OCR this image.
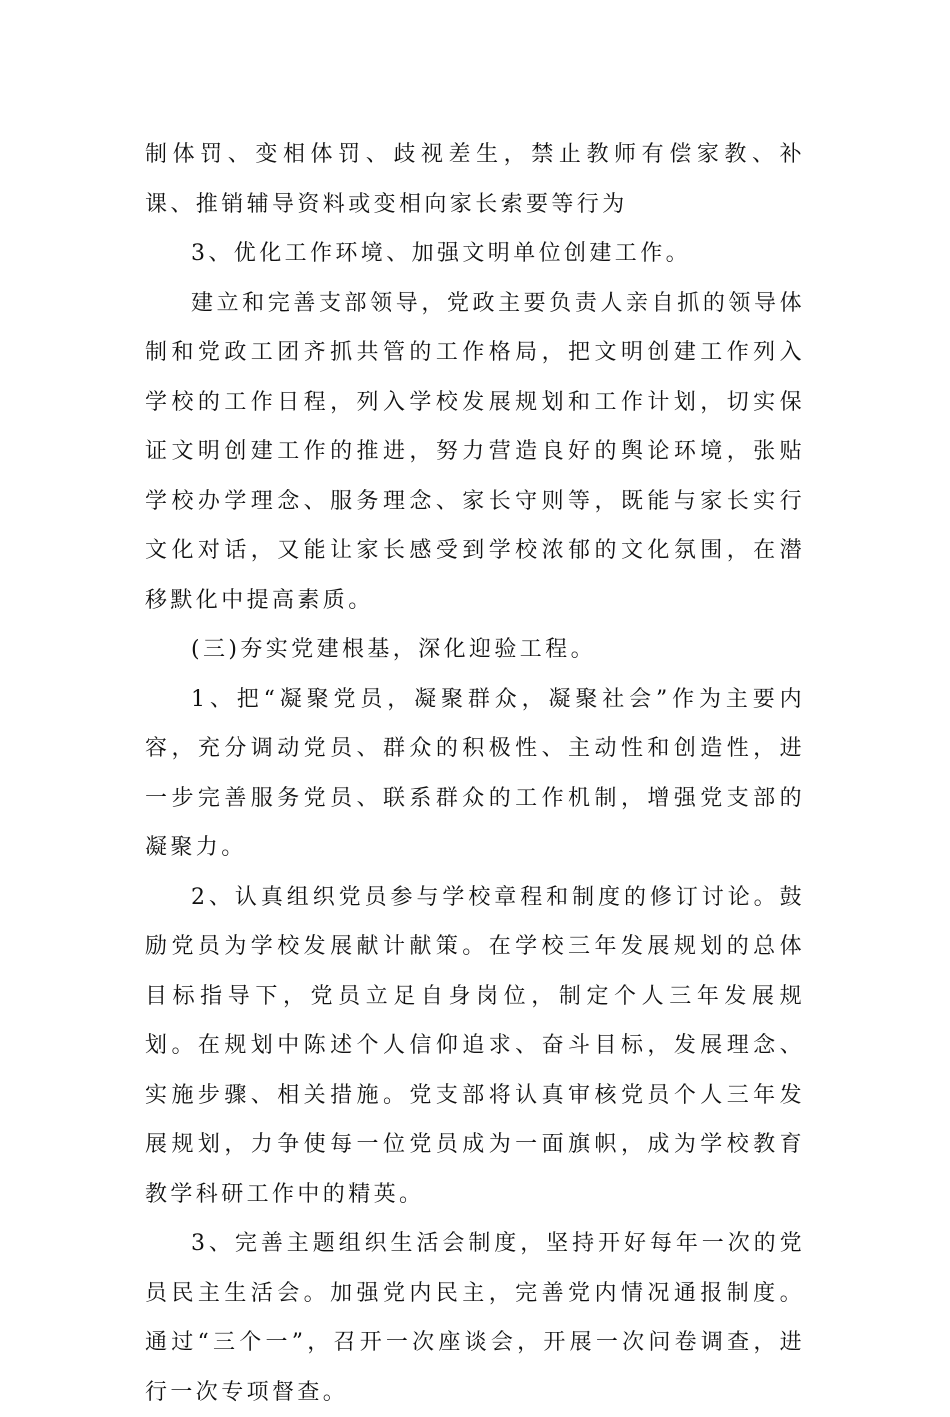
制体罚、变相体罚、歧视差生，禁止教师有偿家教、补课、推销辅导资料或变相向家长索要等行为

3、优化工作环境、加强文明单位创建工作。

建立和完善支部领导，党政主要负责人亲自抓的领导体制和党政工团齐抓共管的工作格局，把文明创建工作列入学校的工作日程，列入学校发展规划和工作计划，切实保证文明创建工作的推进，努力营造良好的舆论环境，张贴学校办学理念、服务理念、家长守则等，既能与家长实行文化对话，又能让家长感受到学校浓郁的文化氛围，在潜移默化中提高素质。

(三)夯实党建根基，深化迎验工程。

1、把“凝聚党员，凝聚群众，凝聚社会”作为主要内容，充分调动党员、群众的积极性、主动性和创造性，进一步完善服务党员、联系群众的工作机制，增强党支部的凝聚力。

2、认真组织党员参与学校章程和制度的修订讨论。鼓励党员为学校发展献计献策。在学校三年发展规划的总体目标指导下，党员立足自身岗位，制定个人三年发展规划。在规划中陈述个人信仰追求、奋斗目标，发展理念、实施步骤、相关措施。党支部将认真审核党员个人三年发展规划，力争使每一位党员成为一面旗帜，成为学校教育教学科研工作中的精英。

3、完善主题组织生活会制度，坚持开好每年一次的党员民主生活会。加强党内民主，完善党内情况通报制度。通过“三个一”，召开一次座谈会，开展一次问卷调查，进行一次专项督查。
